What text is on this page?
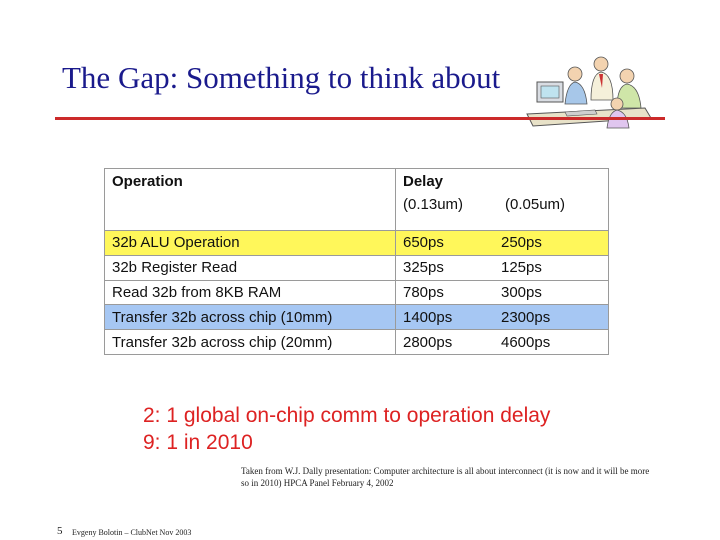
The Gap: Something to think about
Operation	Delay
(0.13um) (0.05um)

32b ALU Operation	650ps 250ps

32b Register Read	325ps 125ps

Read 32b from 8KB RAM	780ps 300ps

Transfer 32b across chip (10mm)	1400ps 2300ps

Transfer 32b across chip (20mm)	2800ps 4600ps
2: 1 global on-chip comm to operation delay
9: 1 in 2010
Taken from W.J. Dally presentation: Computer architecture is all about interconnect (it is now and it will be more so in 2010) HPCA Panel February 4, 2002
5 Evgeny Bolotin – ClubNet Nov 2003
